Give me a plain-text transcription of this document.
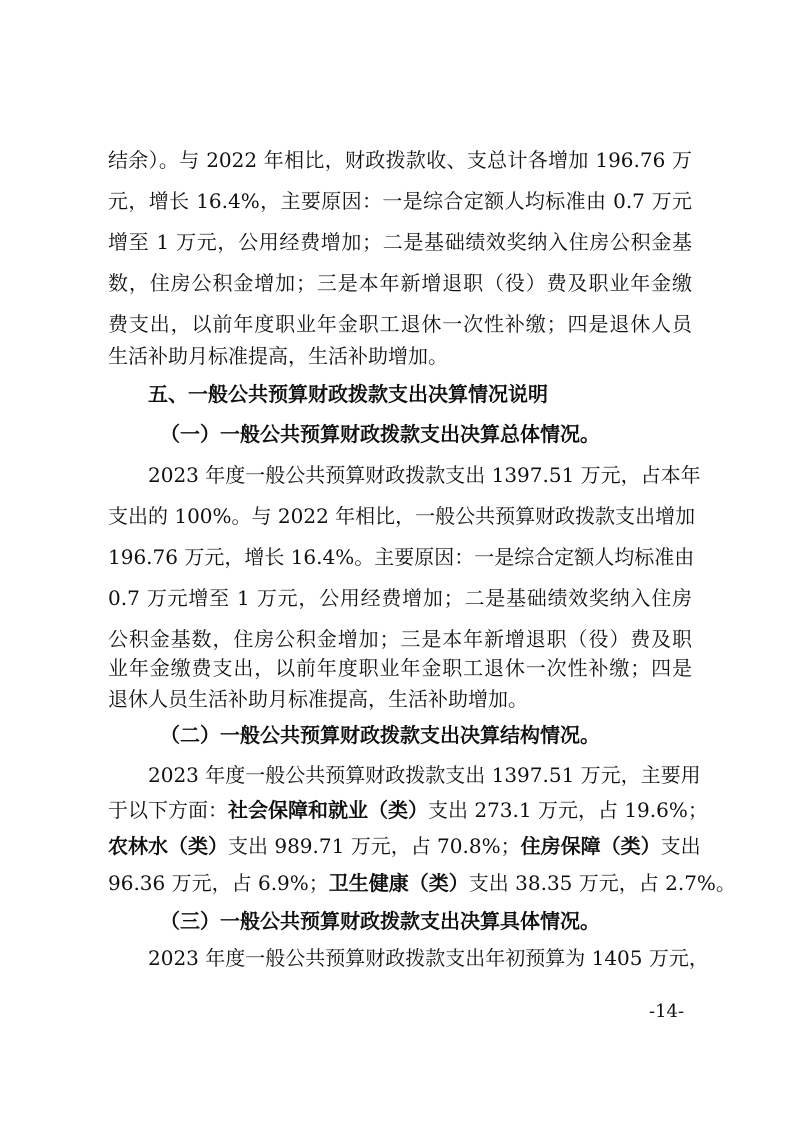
结余）。与 2022 年相比，财政拨款收、支总计各增加 196.76 万
元，增长 16.4%，主要原因：一是综合定额人均标准由 0.7 万元
增至 1 万元，公用经费增加；二是基础绩效奖纳入住房公积金基
数，住房公积金增加；三是本年新增退职（役）费及职业年金缴
费支出，以前年度职业年金职工退休一次性补缴；四是退休人员
生活补助月标准提高，生活补助增加。
五、一般公共预算财政拨款支出决算情况说明
（一）一般公共预算财政拨款支出决算总体情况。
2023 年度一般公共预算财政拨款支出 1397.51 万元，占本年
支出的 100%。与 2022 年相比，一般公共预算财政拨款支出增加
196.76 万元，增长 16.4%。主要原因：一是综合定额人均标准由
0.7 万元增至 1 万元，公用经费增加；二是基础绩效奖纳入住房
公积金基数，住房公积金增加；三是本年新增退职（役）费及职
业年金缴费支出，以前年度职业年金职工退休一次性补缴；四是
退休人员生活补助月标准提高，生活补助增加。
（二）一般公共预算财政拨款支出决算结构情况。
2023 年度一般公共预算财政拨款支出 1397.51 万元，主要用
于以下方面：社会保障和就业（类）支出 273.1 万元，占 19.6%；
农林水（类）支出 989.71 万元，占 70.8%；住房保障（类）支出
96.36 万元，占 6.9%；卫生健康（类）支出 38.35 万元，占 2.7%。
（三）一般公共预算财政拨款支出决算具体情况。
2023 年度一般公共预算财政拨款支出年初预算为 1405 万元，
-14-
